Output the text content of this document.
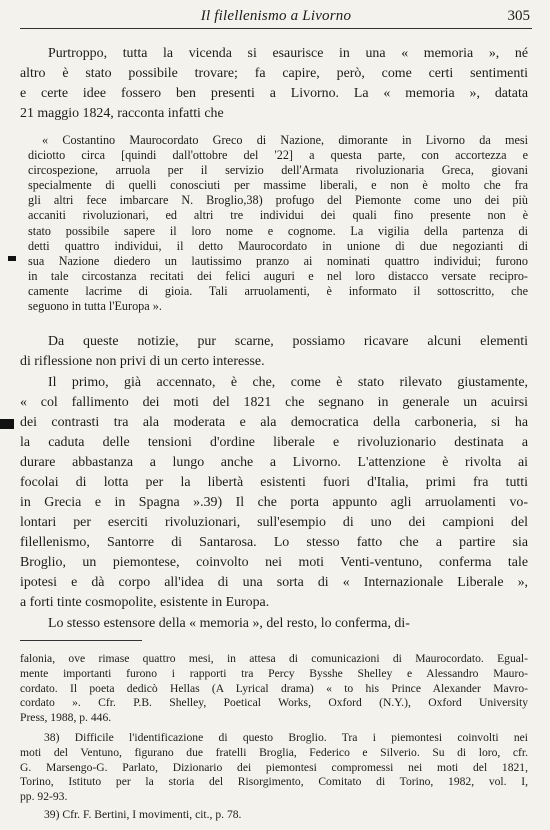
Il filellenismo a Livorno	305

Purtroppo, tutta la vicenda si esaurisce in una « memoria », né
altro è stato possibile trovare; fa capire, però, come certi sentimenti
e certe idee fossero ben presenti a Livorno. La « memoria », datata
21 maggio 1824, racconta infatti che

« Costantino Maurocordato Greco di Nazione, dimorante in Livorno da mesi
diciotto circa [quindi dall'ottobre del '22] a questa parte, con accortezza e
circospezione, arruola per il servizio dell'Armata rivoluzionaria Greca, giovani
specialmente di quelli conosciuti per massime liberali, e non è molto che fra
gli altri fece imbarcare N. Broglio,38) profugo del Piemonte come uno dei più
accaniti rivoluzionari, ed altri tre individui dei quali fino presente non è
stato possibile sapere il loro nome e cognome. La vigilia della partenza di
detti quattro individui, il detto Maurocordato in unione di due negozianti di
sua Nazione diedero un lautissimo pranzo ai nominati quattro individui; furono
in tale circostanza recitati dei felici auguri e nel loro distacco versate recipro-
camente lacrime di gioia. Tali arruolamenti, è informato il sottoscritto, che
seguono in tutta l'Europa ».

Da queste notizie, pur scarne, possiamo ricavare alcuni elementi
di riflessione non privi di un certo interesse.

Il primo, già accennato, è che, come è stato rilevato giustamente,
« col fallimento dei moti del 1821 che segnano in generale un acuirsi
dei contrasti tra ala moderata e ala democratica della carboneria, si ha
la caduta delle tensioni d'ordine liberale e rivoluzionario destinata a
durare abbastanza a lungo anche a Livorno. L'attenzione è rivolta ai
focolai di lotta per la libertà esistenti fuori d'Italia, primi fra tutti
in Grecia e in Spagna ».39) Il che porta appunto agli arruolamenti vo-
lontari per eserciti rivoluzionari, sull'esempio di uno dei campioni del
filellenismo, Santorre di Santarosa. Lo stesso fatto che a partire sia
Broglio, un piemontese, coinvolto nei moti Venti-ventuno, conferma tale
ipotesi e dà corpo all'idea di una sorta di « Internazionale Liberale »,
a forti tinte cosmopolite, esistente in Europa.

Lo stesso estensore della « memoria », del resto, lo conferma, di-

falonia, ove rimase quattro mesi, in attesa di comunicazioni di Maurocordato. Egual-
mente importanti furono i rapporti tra Percy Bysshe Shelley e Alessandro Mauro-
cordato. Il poeta dedicò Hellas (A Lyrical drama) « to his Prince Alexander Mavro-
cordato ». Cfr. P.B. Shelley, Poetical Works, Oxford (N.Y.), Oxford University
Press, 1988, p. 446.

38) Difficile l'identificazione di questo Broglio. Tra i piemontesi coinvolti nei
moti del Ventuno, figurano due fratelli Broglia, Federico e Silverio. Su di loro, cfr.
G. Marsengo-G. Parlato, Dizionario dei piemontesi compromessi nei moti del 1821,
Torino, Istituto per la storia del Risorgimento, Comitato di Torino, 1982, vol. I,
pp. 92-93.

39) Cfr. F. Bertini, I movimenti, cit., p. 78.
